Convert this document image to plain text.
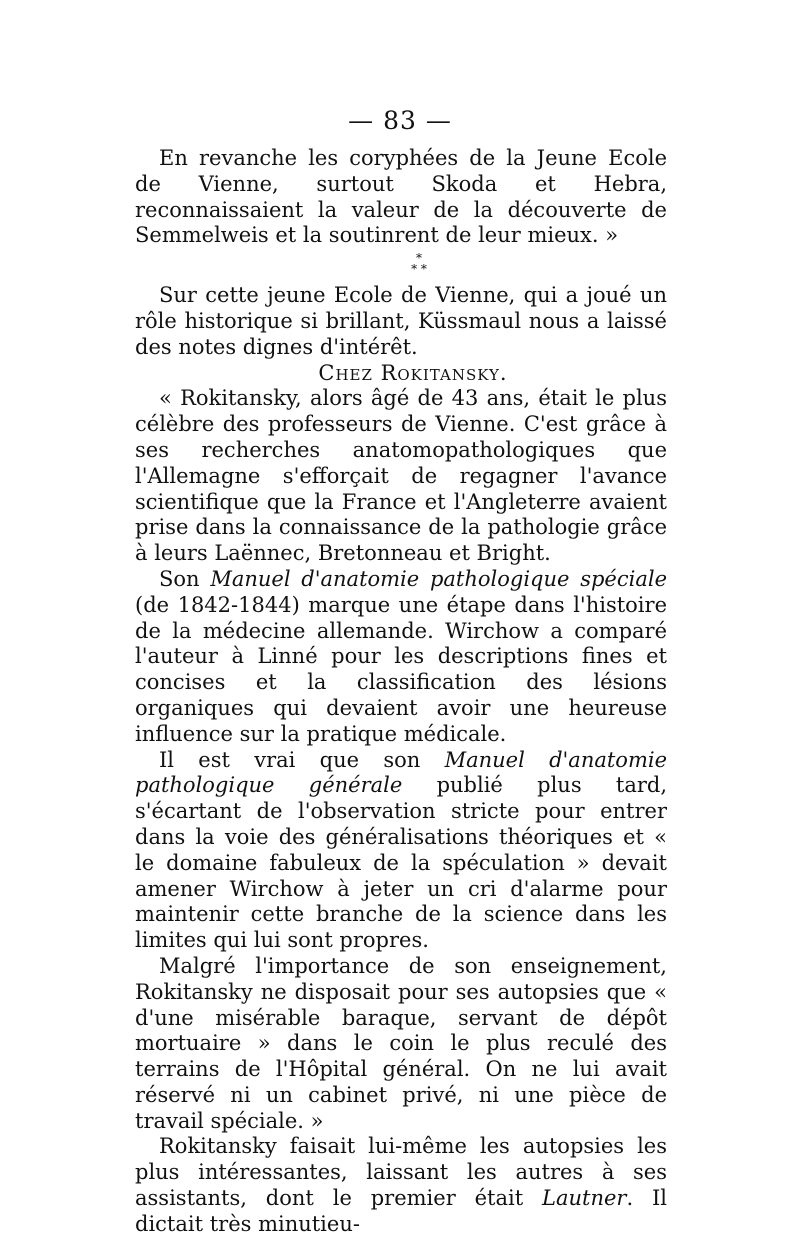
— 83 —

En revanche les coryphées de la Jeune Ecole de Vienne, surtout Skoda et Hebra, reconnaissaient la valeur de la découverte de Semmelweis et la soutinrent de leur mieux. »

*
* *

Sur cette jeune Ecole de Vienne, qui a joué un rôle historique si brillant, Küssmaul nous a laissé des notes dignes d'intérêt.

Chez Rokitansky.

« Rokitansky, alors âgé de 43 ans, était le plus célèbre des professeurs de Vienne. C'est grâce à ses recherches anatomopathologiques que l'Allemagne s'efforçait de regagner l'avance scientifique que la France et l'Angleterre avaient prise dans la connaissance de la pathologie grâce à leurs Laënnec, Bretonneau et Bright.

Son Manuel d'anatomie pathologique spéciale (de 1842-1844) marque une étape dans l'histoire de la médecine allemande. Wirchow a comparé l'auteur à Linné pour les descriptions fines et concises et la classification des lésions organiques qui devaient avoir une heureuse influence sur la pratique médicale.

Il est vrai que son Manuel d'anatomie pathologique générale publié plus tard, s'écartant de l'observation stricte pour entrer dans la voie des généralisations théoriques et « le domaine fabuleux de la spéculation » devait amener Wirchow à jeter un cri d'alarme pour maintenir cette branche de la science dans les limites qui lui sont propres.

Malgré l'importance de son enseignement, Rokitansky ne disposait pour ses autopsies que « d'une misérable baraque, servant de dépôt mortuaire » dans le coin le plus reculé des terrains de l'Hôpital général. On ne lui avait réservé ni un cabinet privé, ni une pièce de travail spéciale. »

Rokitansky faisait lui-même les autopsies les plus intéressantes, laissant les autres à ses assistants, dont le premier était Lautner. Il dictait très minutieu-
